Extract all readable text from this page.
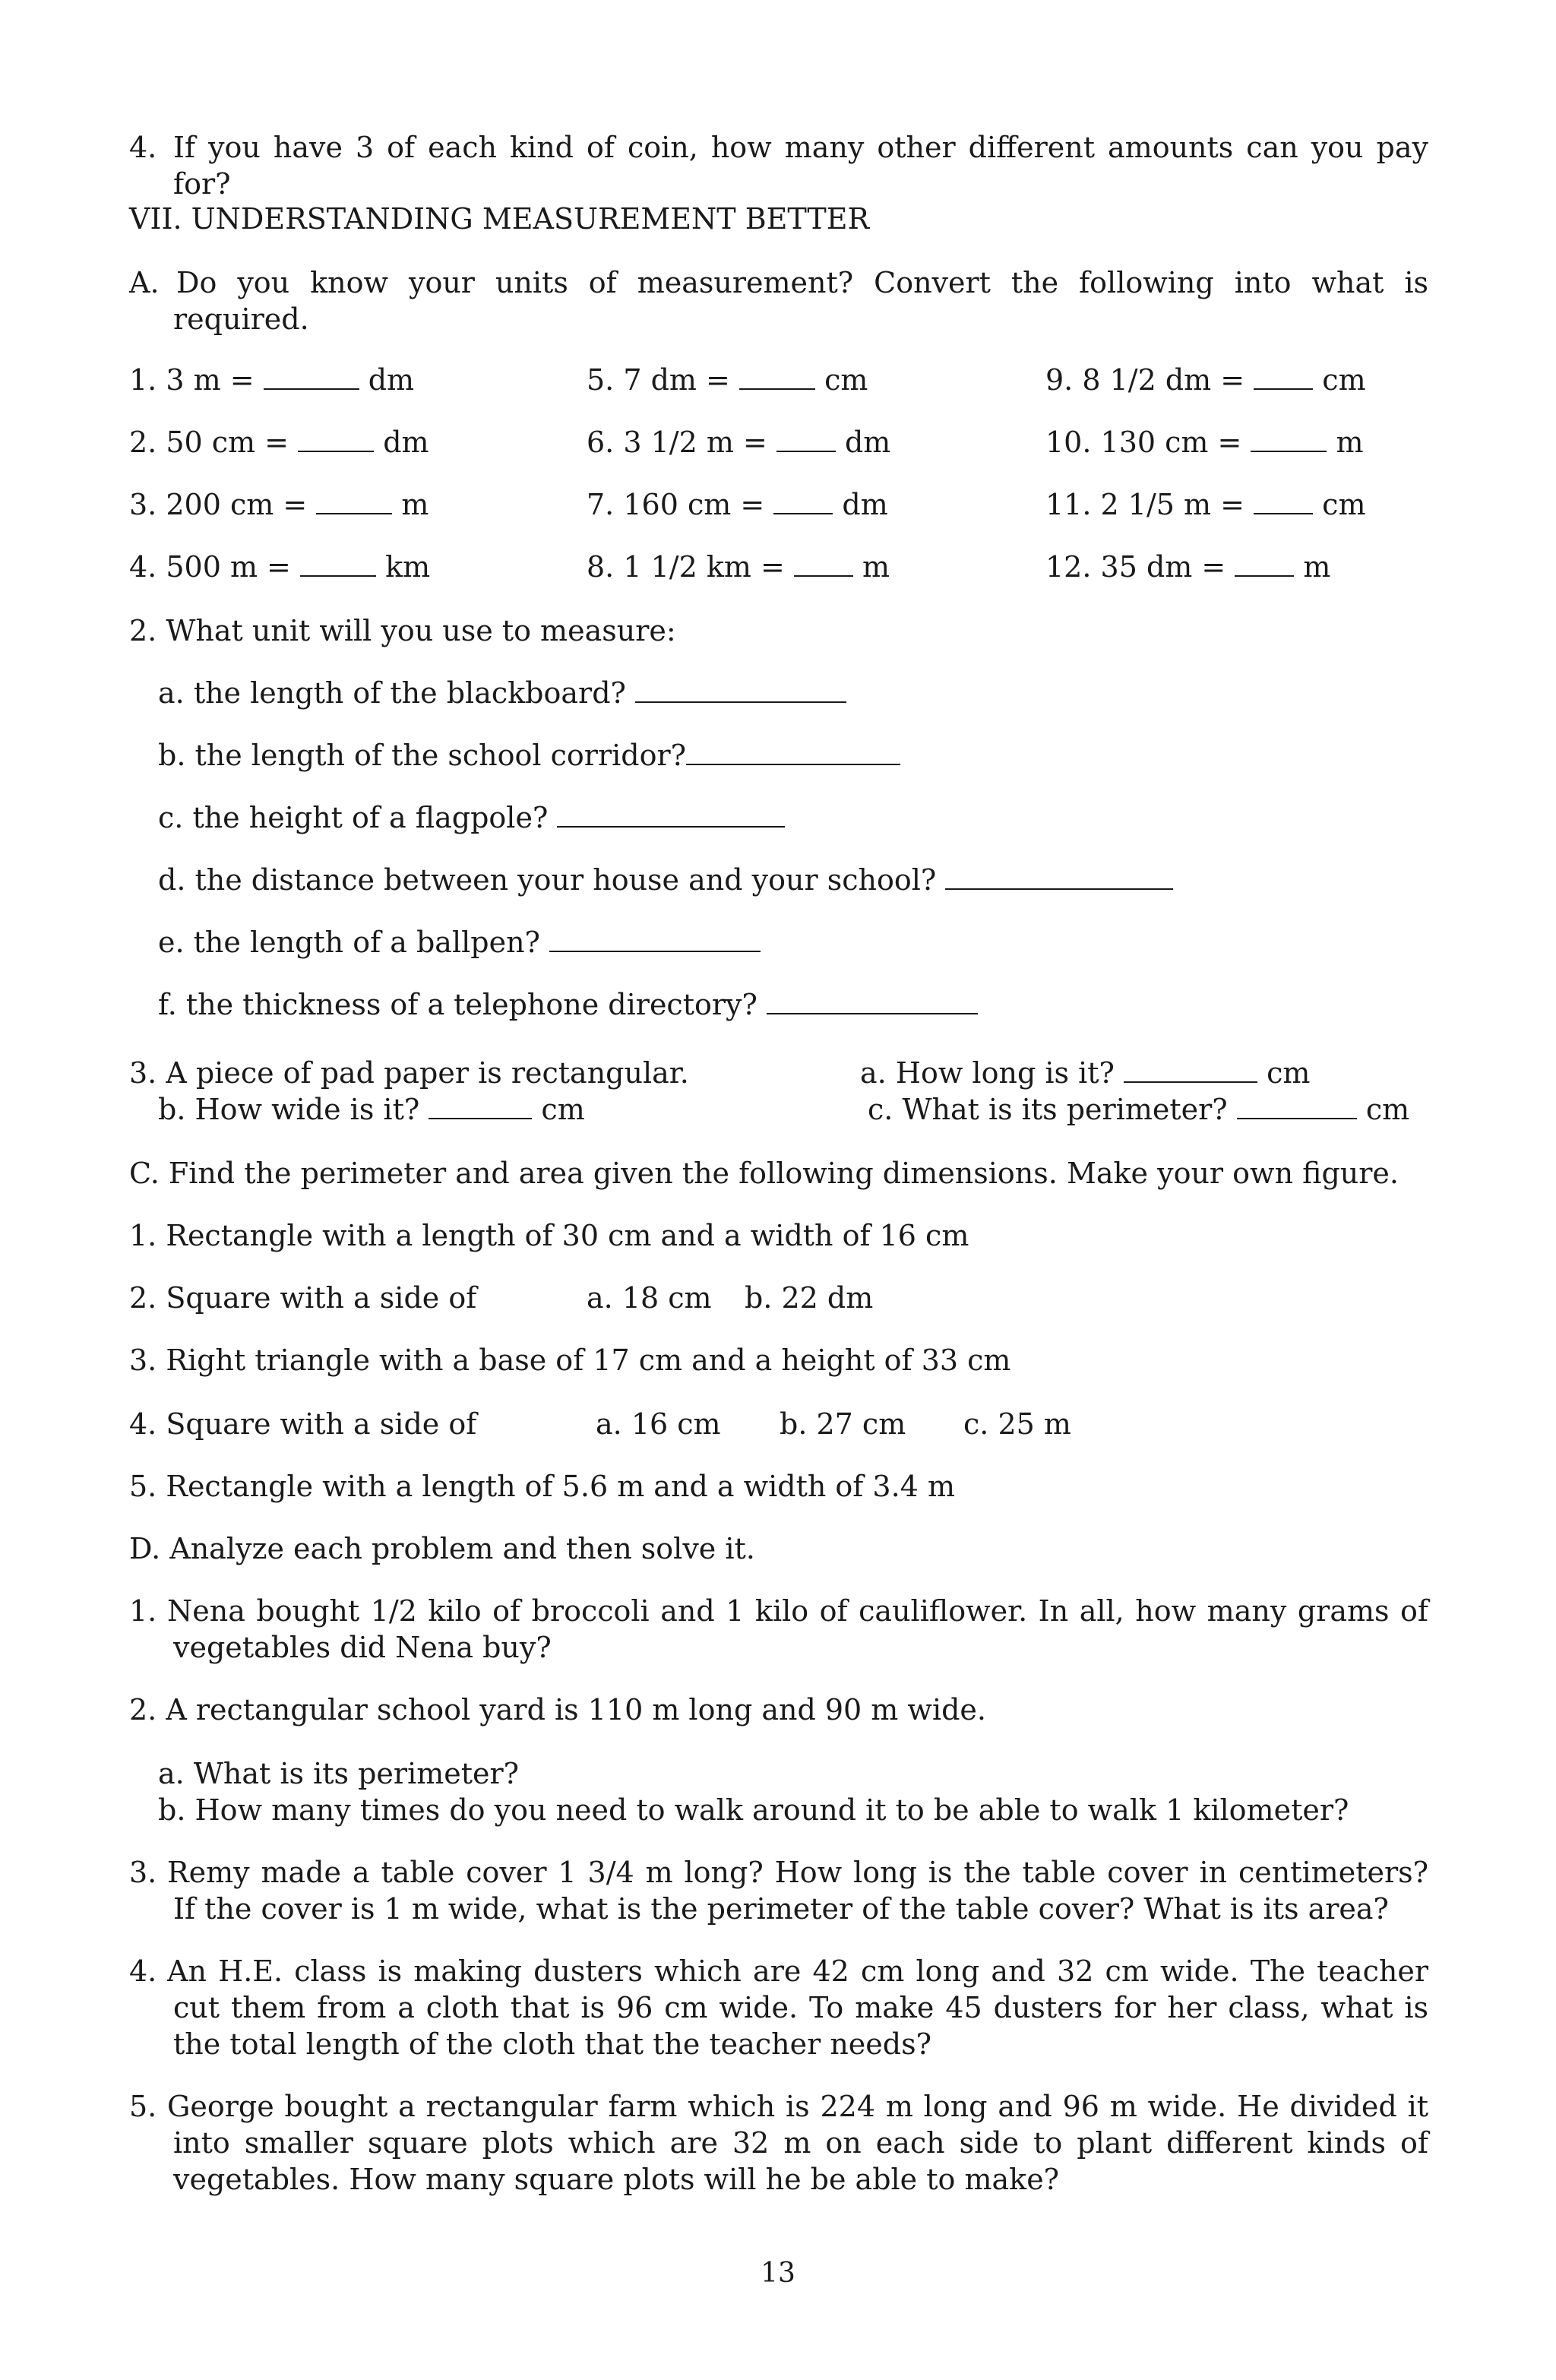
4. If you have 3 of each kind of coin, how many other different amounts can you pay
for?
VII. UNDERSTANDING MEASUREMENT BETTER
A. Do you know your units of measurement? Convert the following into what is
required.
1. 3 m =	dm	5. 7 dm =	cm	9. 8 1/2 dm =	cm
2. 50 cm =	dm	6. 3 1/2 m =	dm	10. 130 cm =	m
3. 200 cm =	m	7. 160 cm =	dm	11. 2 1/5 m =	cm
4. 500 m =	km	8. 1 1/2 km =	m	12. 35 dm =	m
2. What unit will you use to measure:
a. the length of the blackboard?
b. the length of the school corridor?
c. the height of a flagpole?
d. the distance between your house and your school?
e. the length of a ballpen?
f. the thickness of a telephone directory?
3. A piece of pad paper is rectangular.	a. How long is it?	cm
b. How wide is it?	cm	c. What is its perimeter?	cm
C. Find the perimeter and area given the following dimensions. Make your own figure.
1. Rectangle with a length of 30 cm and a width of 16 cm
2. Square with a side of	a. 18 cm b. 22 dm
3. Right triangle with a base of 17 cm and a height of 33 cm
4. Square with a side of	a. 16 cm b. 27 cm c. 25 m
5. Rectangle with a length of 5.6 m and a width of 3.4 m
D. Analyze each problem and then solve it.
1. Nena bought 1/2 kilo of broccoli and 1 kilo of cauliflower. In all, how many grams of
vegetables did Nena buy?
2. A rectangular school yard is 110 m long and 90 m wide.
a. What is its perimeter?
b. How many times do you need to walk around it to be able to walk 1 kilometer?
3. Remy made a table cover 1 3/4 m long? How long is the table cover in centimeters?
If the cover is 1 m wide, what is the perimeter of the table cover? What is its area?
4. An H.E. class is making dusters which are 42 cm long and 32 cm wide. The teacher
cut them from a cloth that is 96 cm wide. To make 45 dusters for her class, what is
the total length of the cloth that the teacher needs?
5. George bought a rectangular farm which is 224 m long and 96 m wide. He divided it
into smaller square plots which are 32 m on each side to plant different kinds of
vegetables. How many square plots will he be able to make?
13
